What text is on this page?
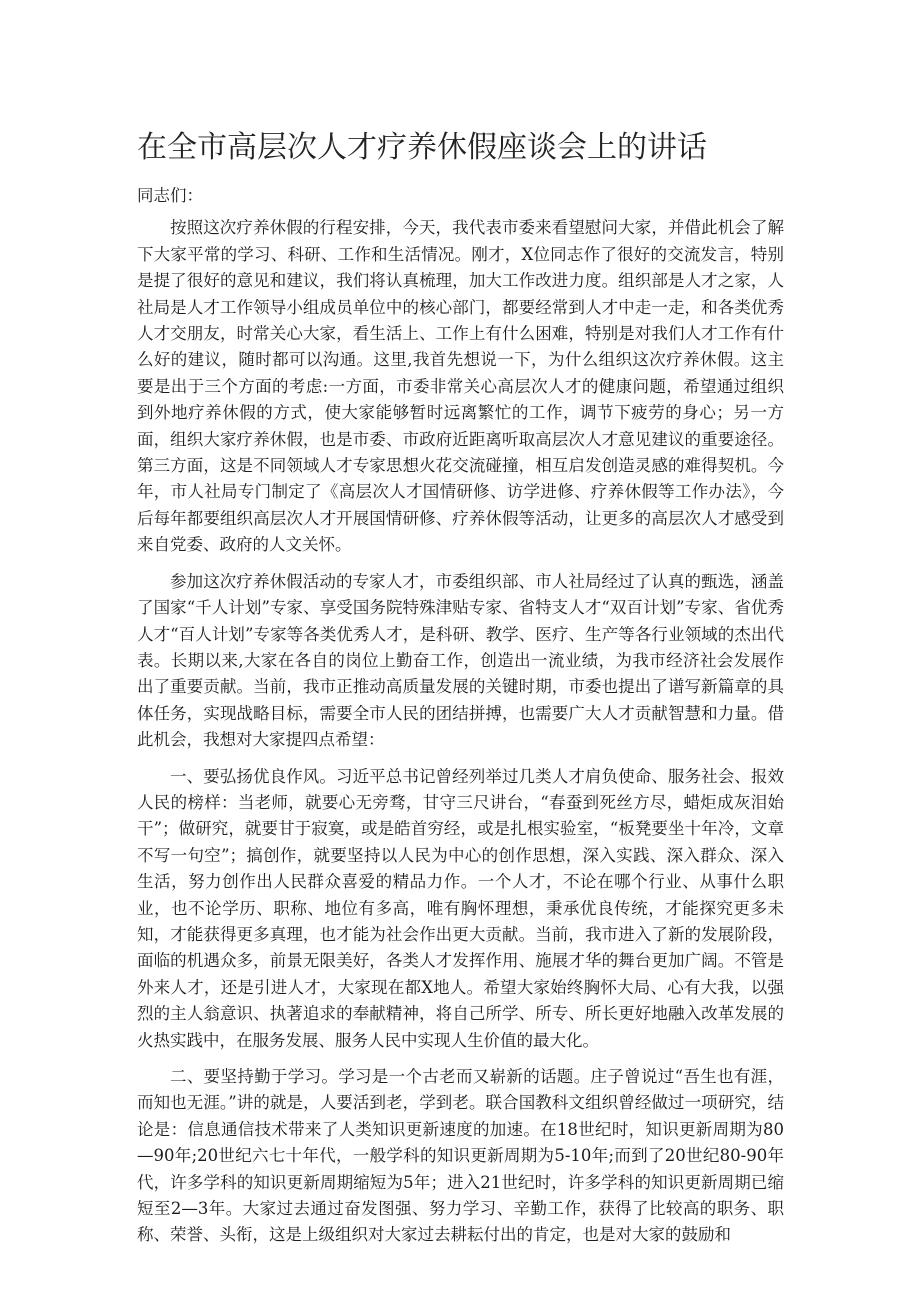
在全市高层次人才疗养休假座谈会上的讲话

同志们：

按照这次疗养休假的行程安排，今天，我代表市委来看望慰问大家，并借此机会了解下大家平常的学习、科研、工作和生活情况。刚才，X位同志作了很好的交流发言，特别是提了很好的意见和建议，我们将认真梳理，加大工作改进力度。组织部是人才之家，人社局是人才工作领导小组成员单位中的核心部门，都要经常到人才中走一走，和各类优秀人才交朋友，时常关心大家，看生活上、工作上有什么困难，特别是对我们人才工作有什么好的建议，随时都可以沟通。这里,我首先想说一下，为什么组织这次疗养休假。这主要是出于三个方面的考虑:一方面，市委非常关心高层次人才的健康问题，希望通过组织到外地疗养休假的方式，使大家能够暂时远离繁忙的工作，调节下疲劳的身心；另一方面，组织大家疗养休假，也是市委、市政府近距离听取高层次人才意见建议的重要途径。第三方面，这是不同领域人才专家思想火花交流碰撞，相互启发创造灵感的难得契机。今年，市人社局专门制定了《高层次人才国情研修、访学进修、疗养休假等工作办法》，今后每年都要组织高层次人才开展国情研修、疗养休假等活动，让更多的高层次人才感受到来自党委、政府的人文关怀。

参加这次疗养休假活动的专家人才，市委组织部、市人社局经过了认真的甄选，涵盖了国家“千人计划”专家、享受国务院特殊津贴专家、省特支人才“双百计划”专家、省优秀人才“百人计划”专家等各类优秀人才，是科研、教学、医疗、生产等各行业领域的杰出代表。长期以来,大家在各自的岗位上勤奋工作，创造出一流业绩，为我市经济社会发展作出了重要贡献。当前，我市正推动高质量发展的关键时期，市委也提出了谱写新篇章的具体任务，实现战略目标，需要全市人民的团结拼搏，也需要广大人才贡献智慧和力量。借此机会，我想对大家提四点希望：

一、要弘扬优良作风。习近平总书记曾经列举过几类人才肩负使命、服务社会、报效人民的榜样：当老师，就要心无旁骛，甘守三尺讲台，“春蚕到死丝方尽，蜡炬成灰泪始干”；做研究，就要甘于寂寞，或是皓首穷经，或是扎根实验室，“板凳要坐十年冷，文章不写一句空”；搞创作，就要坚持以人民为中心的创作思想，深入实践、深入群众、深入生活，努力创作出人民群众喜爱的精品力作。一个人才，不论在哪个行业、从事什么职业，也不论学历、职称、地位有多高，唯有胸怀理想，秉承优良传统，才能探究更多未知，才能获得更多真理，也才能为社会作出更大贡献。当前，我市进入了新的发展阶段，面临的机遇众多，前景无限美好，各类人才发挥作用、施展才华的舞台更加广阔。不管是外来人才，还是引进人才，大家现在都X地人。希望大家始终胸怀大局、心有大我，以强烈的主人翁意识、执著追求的奉献精神，将自己所学、所专、所长更好地融入改革发展的火热实践中，在服务发展、服务人民中实现人生价值的最大化。

二、要坚持勤于学习。学习是一个古老而又崭新的话题。庄子曾说过“吾生也有涯，而知也无涯。”讲的就是，人要活到老，学到老。联合国教科文组织曾经做过一项研究，结论是：信息通信技术带来了人类知识更新速度的加速。在18世纪时，知识更新周期为80—90年;20世纪六七十年代，一般学科的知识更新周期为5-10年;而到了20世纪80-90年代，许多学科的知识更新周期缩短为5年；进入21世纪时，许多学科的知识更新周期已缩短至2—3年。大家过去通过奋发图强、努力学习、辛勤工作，获得了比较高的职务、职称、荣誉、头衔，这是上级组织对大家过去耕耘付出的肯定，也是对大家的鼓励和
